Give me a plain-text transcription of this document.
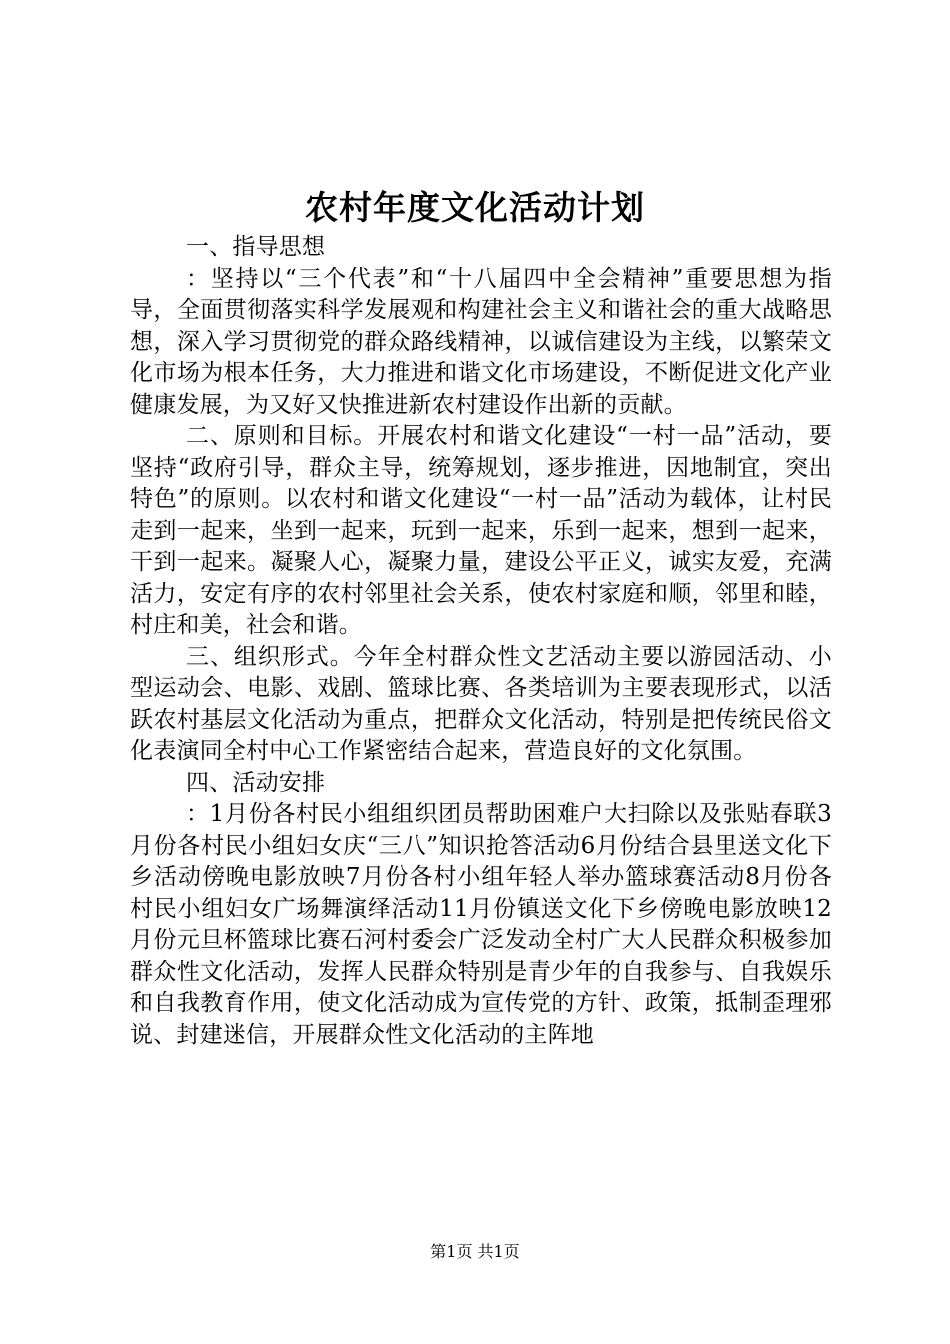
农村年度文化活动计划

一、指导思想

：坚持以“三个代表”和“十八届四中全会精神”重要思想为指导，全面贯彻落实科学发展观和构建社会主义和谐社会的重大战略思想，深入学习贯彻党的群众路线精神，以诚信建设为主线，以繁荣文化市场为根本任务，大力推进和谐文化市场建设，不断促进文化产业健康发展，为又好又快推进新农村建设作出新的贡献。

二、原则和目标。开展农村和谐文化建设“一村一品”活动，要坚持“政府引导，群众主导，统筹规划，逐步推进，因地制宜，突出特色”的原则。以农村和谐文化建设“一村一品”活动为载体，让村民走到一起来，坐到一起来，玩到一起来，乐到一起来，想到一起来，干到一起来。凝聚人心，凝聚力量，建设公平正义，诚实友爱，充满活力，安定有序的农村邻里社会关系，使农村家庭和顺，邻里和睦，村庄和美，社会和谐。

三、组织形式。今年全村群众性文艺活动主要以游园活动、小型运动会、电影、戏剧、篮球比赛、各类培训为主要表现形式，以活跃农村基层文化活动为重点，把群众文化活动，特别是把传统民俗文化表演同全村中心工作紧密结合起来，营造良好的文化氛围。

四、活动安排

：1月份各村民小组组织团员帮助困难户大扫除以及张贴春联3月份各村民小组妇女庆“三八”知识抢答活动6月份结合县里送文化下乡活动傍晚电影放映7月份各村小组年轻人举办篮球赛活动8月份各村民小组妇女广场舞演绎活动11月份镇送文化下乡傍晚电影放映12月份元旦杯篮球比赛石河村委会广泛发动全村广大人民群众积极参加群众性文化活动，发挥人民群众特别是青少年的自我参与、自我娱乐和自我教育作用，使文化活动成为宣传党的方针、政策，抵制歪理邪说、封建迷信，开展群众性文化活动的主阵地

第1页 共1页
